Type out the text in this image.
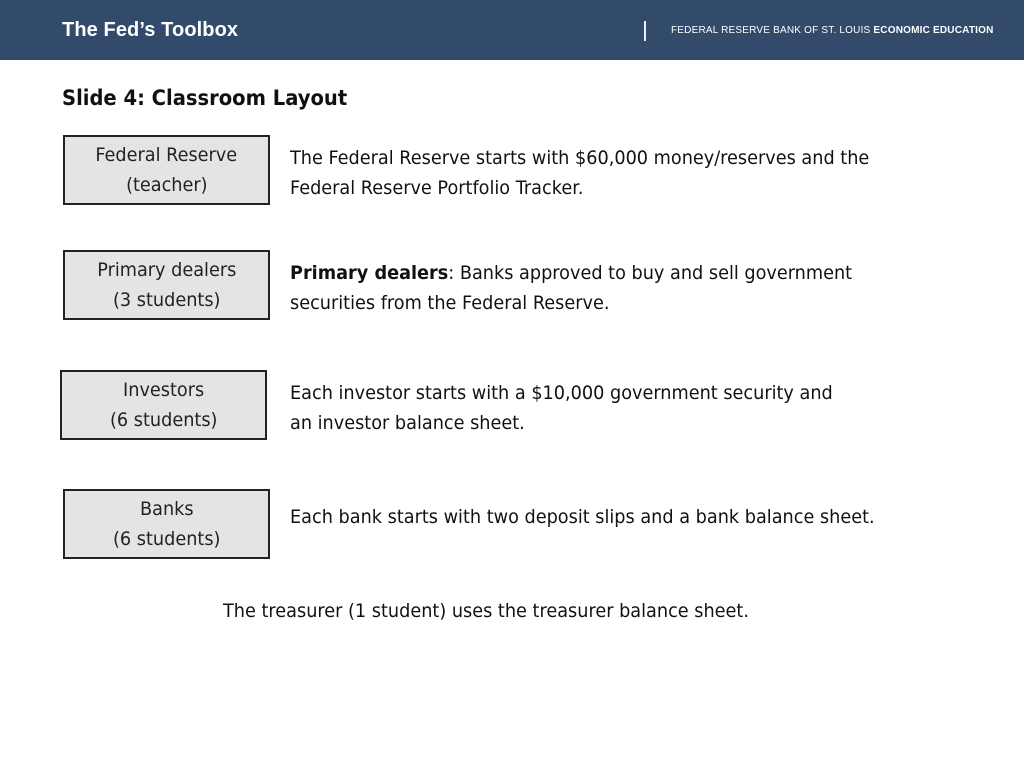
The Fed’s Toolbox	FEDERAL RESERVE BANK OF ST. LOUIS ECONOMIC EDUCATION
Slide 4: Classroom Layout
Federal Reserve
(teacher)
The Federal Reserve starts with $60,000 money/reserves and the
Federal Reserve Portfolio Tracker.
Primary dealers
(3 students)
Primary dealers: Banks approved to buy and sell government
securities from the Federal Reserve.
Investors
(6 students)
Each investor starts with a $10,000 government security and
an investor balance sheet.
Banks
(6 students)
Each bank starts with two deposit slips and a bank balance sheet.
The treasurer (1 student) uses the treasurer balance sheet.
